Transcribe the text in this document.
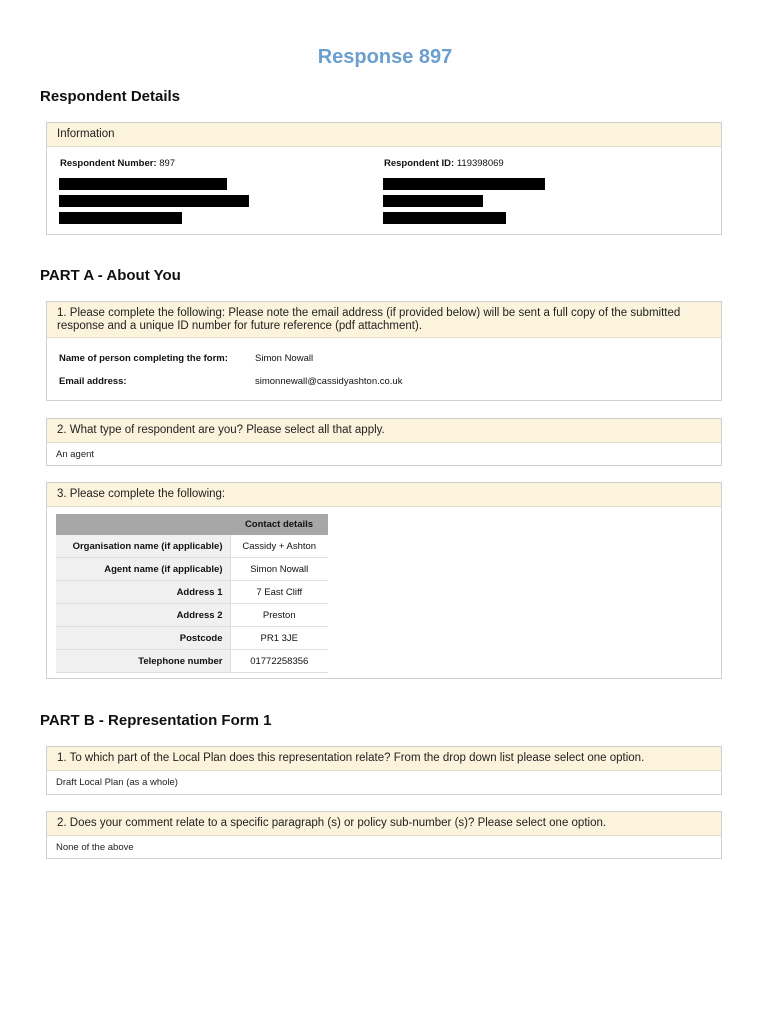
Response 897
Respondent Details
Information
Respondent Number: 897	Respondent ID: 119398069
PART A - About You
1. Please complete the following: Please note the email address (if provided below) will be sent a full copy of the submitted response and a unique ID number for future reference (pdf attachment).
Name of person completing the form:	Simon Nowall
Email address:	simonnewall@cassidyashton.co.uk
2. What type of respondent are you? Please select all that apply.
An agent
3. Please complete the following:
	Contact details
Organisation name (if applicable)	Cassidy + Ashton
Agent name (if applicable)	Simon Nowall
Address 1	7 East Cliff
Address 2	Preston
Postcode	PR1 3JE
Telephone number	01772258356
PART B - Representation Form 1
1. To which part of the Local Plan does this representation relate? From the drop down list please select one option.
Draft Local Plan (as a whole)
2. Does your comment relate to a specific paragraph (s) or policy sub-number (s)? Please select one option.
None of the above
